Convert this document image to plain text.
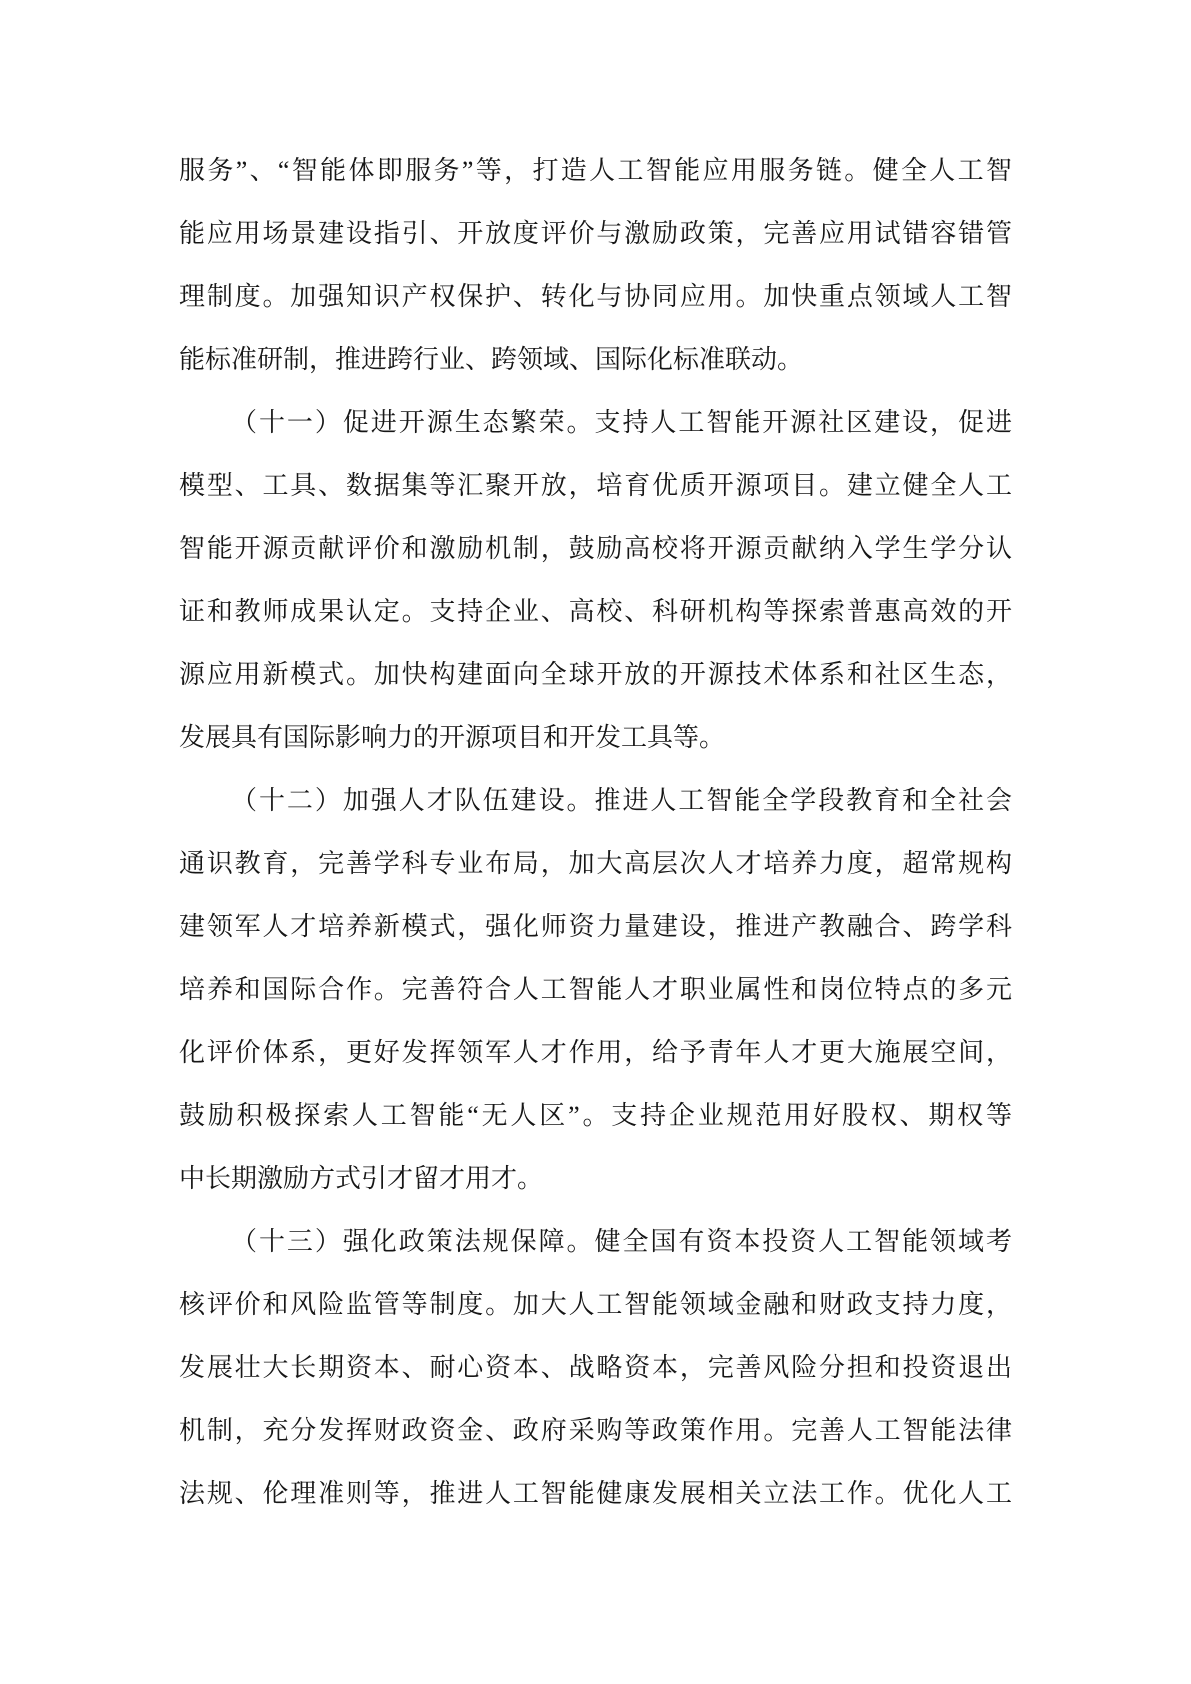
服务”、“智能体即服务”等，打造人工智能应用服务链。健全人工智
能应用场景建设指引、开放度评价与激励政策，完善应用试错容错管
理制度。加强知识产权保护、转化与协同应用。加快重点领域人工智
能标准研制，推进跨行业、跨领域、国际化标准联动。
（十一）促进开源生态繁荣。支持人工智能开源社区建设，促进
模型、工具、数据集等汇聚开放，培育优质开源项目。建立健全人工
智能开源贡献评价和激励机制，鼓励高校将开源贡献纳入学生学分认
证和教师成果认定。支持企业、高校、科研机构等探索普惠高效的开
源应用新模式。加快构建面向全球开放的开源技术体系和社区生态，
发展具有国际影响力的开源项目和开发工具等。
（十二）加强人才队伍建设。推进人工智能全学段教育和全社会
通识教育，完善学科专业布局，加大高层次人才培养力度，超常规构
建领军人才培养新模式，强化师资力量建设，推进产教融合、跨学科
培养和国际合作。完善符合人工智能人才职业属性和岗位特点的多元
化评价体系，更好发挥领军人才作用，给予青年人才更大施展空间，
鼓励积极探索人工智能“无人区”。支持企业规范用好股权、期权等
中长期激励方式引才留才用才。
（十三）强化政策法规保障。健全国有资本投资人工智能领域考
核评价和风险监管等制度。加大人工智能领域金融和财政支持力度，
发展壮大长期资本、耐心资本、战略资本，完善风险分担和投资退出
机制，充分发挥财政资金、政府采购等政策作用。完善人工智能法律
法规、伦理准则等，推进人工智能健康发展相关立法工作。优化人工
